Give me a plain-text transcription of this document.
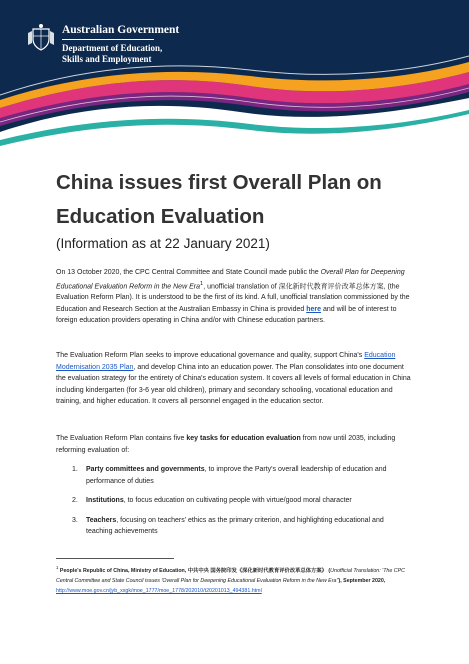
Australian Government
Department of Education,
Skills and Employment
China issues first Overall Plan on Education Evaluation
(Information as at 22 January 2021)
On 13 October 2020, the CPC Central Committee and State Council made public the Overall Plan for Deepening Educational Evaluation Reform in the New Era$^1$, unofficial translation of 深化新时代教育评价改革总体方案, (the Evaluation Reform Plan). It is understood to be the first of its kind. A full, unofficial translation commissioned by the Education and Research Section at the Australian Embassy in China is provided here and will be of interest to foreign education providers operating in China and/or with Chinese education partners.
The Evaluation Reform Plan seeks to improve educational governance and quality, support China's Education Modernisation 2035 Plan, and develop China into an education power. The Plan consolidates into one document the evaluation strategy for the entirety of China's education system. It covers all levels of formal education in China including kindergarten (for 3-6 year old children), primary and secondary schooling, vocational education and training, and higher education. It covers all personnel engaged in the education sector.
The Evaluation Reform Plan contains five key tasks for education evaluation from now until 2035, including reforming evaluation of:
1. Party committees and governments, to improve the Party's overall leadership of education and performance of duties
2. Institutions, to focus education on cultivating people with virtue/good moral character
3. Teachers, focusing on teachers' ethics as the primary criterion, and highlighting educational and teaching achievements
$^1$ People's Republic of China, Ministry of Education, 中共中央 国务院印发《深化新时代教育评价改革总体方案》 (Unofficial Translation: 'The CPC Central Committee and State Council issues 'Overall Plan for Deepening Educational Evaluation Reform in the New Era''), September 2020, http://www.moe.gov.cn/jyb_xxgk/moe_1777/moe_1778/202010/t20201013_494381.html
